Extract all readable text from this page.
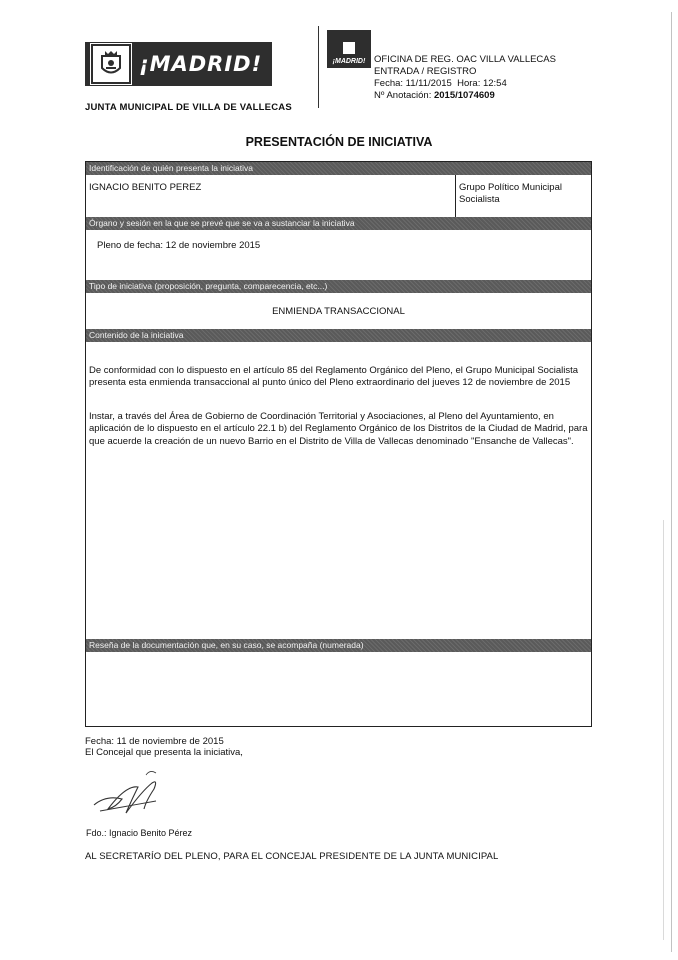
¡MADRID!	¡MADRID!
JUNTA MUNICIPAL DE VILLA DE VALLECAS
OFICINA DE REG. OAC VILLA VALLECAS
ENTRADA / REGISTRO
Fecha: 11/11/2015 Hora: 12:54
Nº Anotación: 2015/1074609
PRESENTACIÓN DE INICIATIVA
Identificación de quién presenta la iniciativa
IGNACIO BENITO PEREZ	Grupo Político Municipal
Socialista
Órgano y sesión en la que se prevé que se va a sustanciar la iniciativa
Pleno de fecha: 12 de noviembre 2015
Tipo de iniciativa (proposición, pregunta, comparecencia, etc...)
ENMIENDA TRANSACCIONAL
Contenido de la iniciativa
De conformidad con lo dispuesto en el artículo 85 del Reglamento Orgánico del Pleno, el Grupo Municipal Socialista presenta esta enmienda transaccional al punto único del Pleno extraordinario del jueves 12 de noviembre de 2015
Instar, a través del Área de Gobierno de Coordinación Territorial y Asociaciones, al Pleno del Ayuntamiento, en aplicación de lo dispuesto en el artículo 22.1 b) del Reglamento Orgánico de los Distritos de la Ciudad de Madrid, para que acuerde la creación de un nuevo Barrio en el Distrito de Villa de Vallecas denominado "Ensanche de Vallecas".
Reseña de la documentación que, en su caso, se acompaña (numerada)
Fecha: 11 de noviembre de 2015
El Concejal que presenta la iniciativa,
Fdo.: Ignacio Benito Pérez
AL SECRETARÍO DEL PLENO, PARA EL CONCEJAL PRESIDENTE DE LA JUNTA MUNICIPAL
